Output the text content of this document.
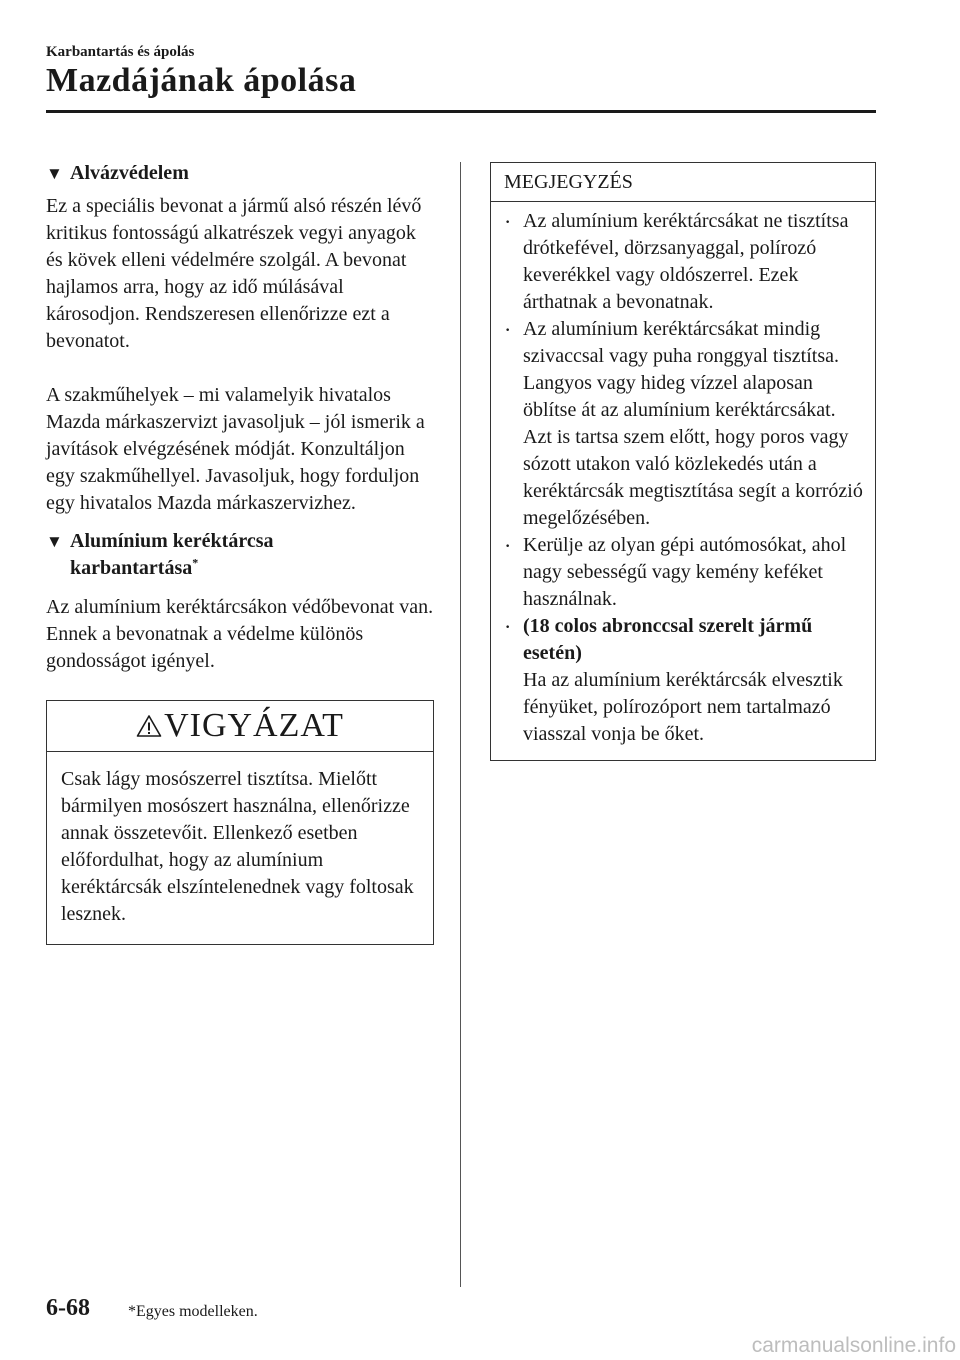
Karbantartás és ápolás
Mazdájának ápolása
▼ Alvázvédelem

Ez a speciális bevonat a jármű alsó részén lévő kritikus fontosságú alkatrészek vegyi anyagok és kövek elleni védelmére szolgál. A bevonat hajlamos arra, hogy az idő múlásával károsodjon. Rendszeresen ellenőrizze ezt a bevonatot.

A szakműhelyek – mi valamelyik hivatalos Mazda márkaszervizt javasoljuk – jól ismerik a javítások elvégzésének módját. Konzultáljon egy szakműhellyel. Javasoljuk, hogy forduljon egy hivatalos Mazda márkaszervizhez.

▼ Alumínium keréktárcsa
karbantartása*

Az alumínium keréktárcsákon védőbevonat van. Ennek a bevonatnak a védelme különös gondosságot igényel.

VIGYÁZAT
Csak lágy mosószerrel tisztítsa. Mielőtt bármilyen mosószert használna, ellenőrizze annak összetevőit. Ellenkező esetben előfordulhat, hogy az alumínium keréktárcsák elszíntelenednek vagy foltosak lesznek.
MEGJEGYZÉS
· Az alumínium keréktárcsákat ne tisztítsa drótkefével, dörzsanyaggal, polírozó keverékkel vagy oldószerrel. Ezek árthatnak a bevonatnak.
· Az alumínium keréktárcsákat mindig szivaccsal vagy puha ronggyal tisztítsa.
Langyos vagy hideg vízzel alaposan öblítse át az alumínium keréktárcsákat. Azt is tartsa szem előtt, hogy poros vagy sózott utakon való közlekedés után a keréktárcsák megtisztítása segít a korrózió megelőzésében.
· Kerülje az olyan gépi autómosókat, ahol nagy sebességű vagy kemény keféket használnak.
· (18 colos abronccsal szerelt jármű esetén)
Ha az alumínium keréktárcsák elvesztik fényüket, polírozóport nem tartalmazó viasszal vonja be őket.
6-68 *Egyes modelleken.
carmanualsonline.info
